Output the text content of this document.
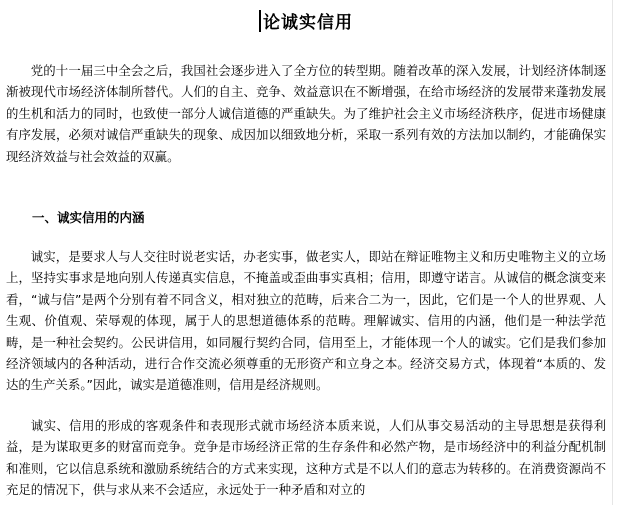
论诚实信用

党的十一届三中全会之后，我国社会逐步进入了全方位的转型期。随着改革的深入发展，计划经济体制逐渐被现代市场经济体制所替代。人们的自主、竞争、效益意识在不断增强，在给市场经济的发展带来蓬勃发展的生机和活力的同时，也致使一部分人诚信道德的严重缺失。为了维护社会主义市场经济秩序，促进市场健康有序发展，必须对诚信严重缺失的现象、成因加以细致地分析，采取一系列有效的方法加以制约，才能确保实现经济效益与社会效益的双赢。

一、诚实信用的内涵

诚实，是要求人与人交往时说老实话，办老实事，做老实人，即站在辩证唯物主义和历史唯物主义的立场上，坚持实事求是地向别人传递真实信息，不掩盖或歪曲事实真相；信用，即遵守诺言。从诚信的概念演变来看，“诚与信”是两个分别有着不同含义，相对独立的范畴，后来合二为一，因此，它们是一个人的世界观、人生观、价值观、荣辱观的体现，属于人的思想道德体系的范畴。理解诚实、信用的内涵，他们是一种法学范畴，是一种社会契约。公民讲信用，如同履行契约合同，信用至上，才能体现一个人的诚实。它们是我们参加经济领域内的各种活动，进行合作交流必须尊重的无形资产和立身之本。经济交易方式，体现着“本质的、发达的生产关系。”因此，诚实是道德准则，信用是经济规则。

诚实、信用的形成的客观条件和表现形式就市场经济本质来说，人们从事交易活动的主导思想是获得利益，是为谋取更多的财富而竞争。竞争是市场经济正常的生存条件和必然产物，是市场经济中的利益分配机制和准则，它以信息系统和激励系统结合的方式来实现，这种方式是不以人们的意志为转移的。在消费资源尚不充足的情况下，供与求从来不会适应，永远处于一种矛盾和对立的
